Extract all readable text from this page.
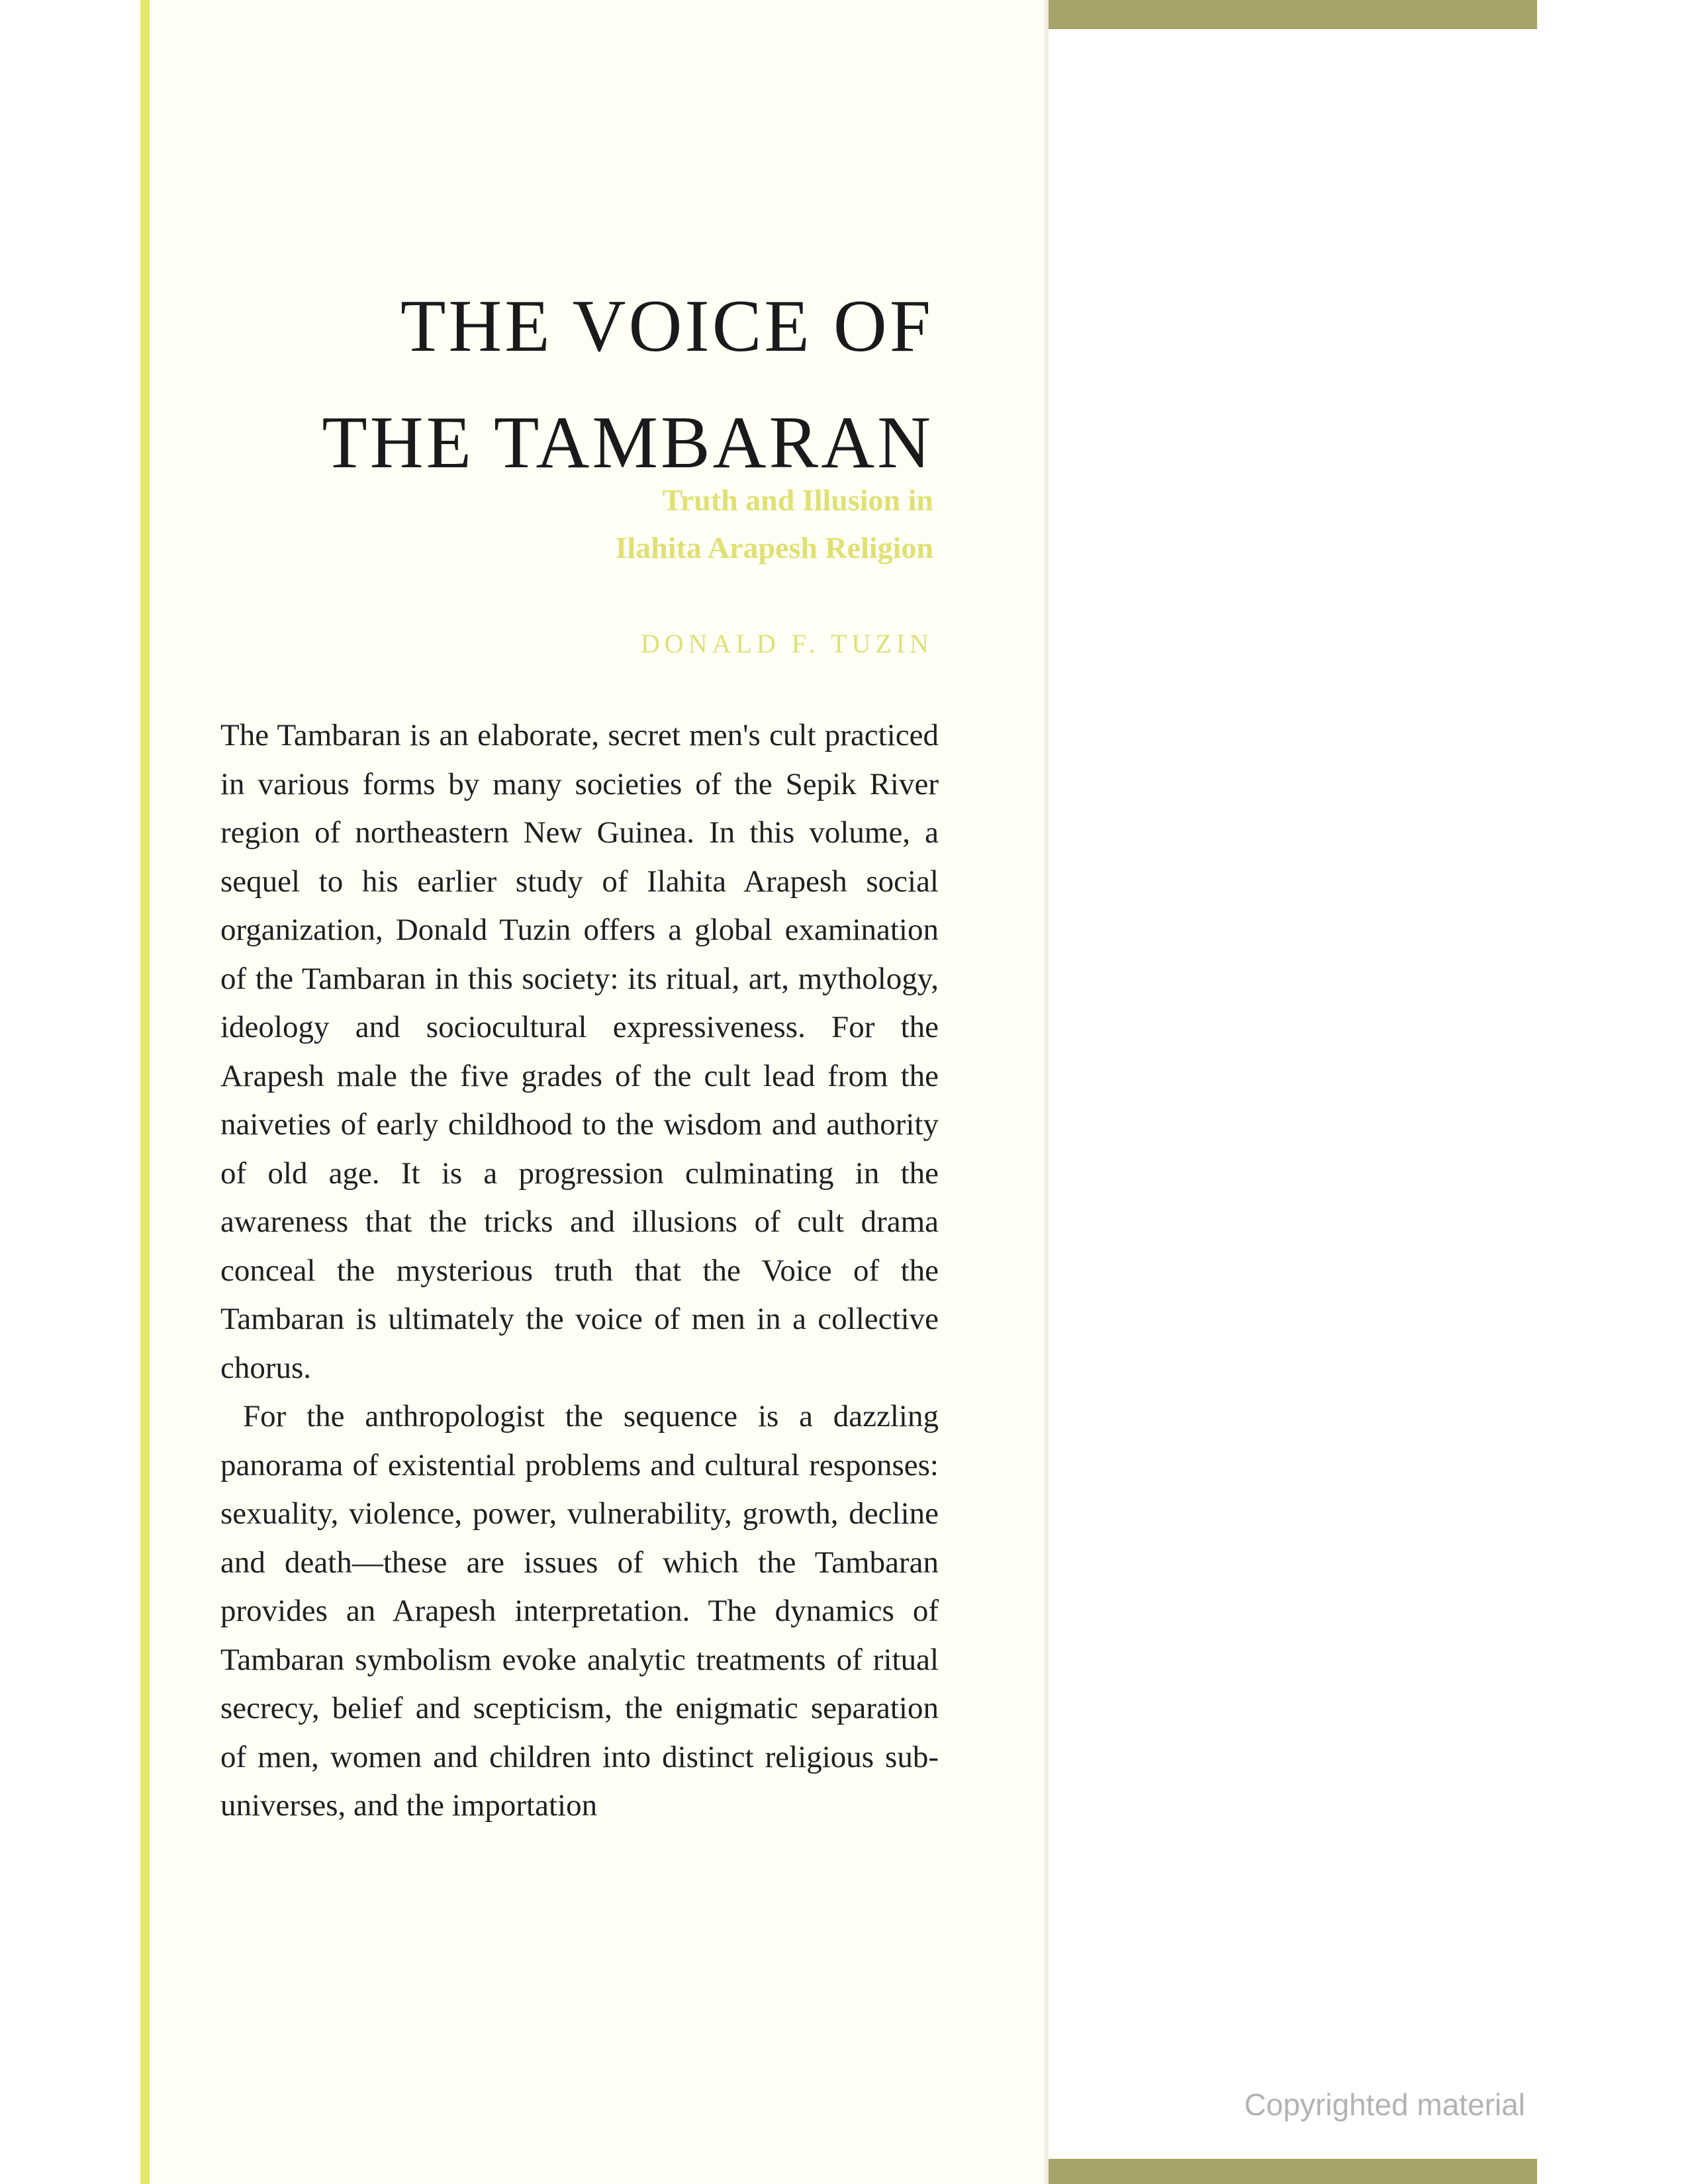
THE VOICE OF
THE TAMBARAN
Truth and Illusion in
Ilahita Arapesh Religion
DONALD F. TUZIN

The Tambaran is an elaborate, secret men's cult practiced in various forms by many societies of the Sepik River region of northeastern New Guinea. In this volume, a sequel to his earlier study of Ilahita Arapesh social organization, Donald Tuzin offers a global examination of the Tambaran in this society: its ritual, art, mythology, ideology and sociocultural expressiveness. For the Arapesh male the five grades of the cult lead from the naiveties of early childhood to the wisdom and authority of old age. It is a progression culminating in the awareness that the tricks and illusions of cult drama conceal the mysterious truth that the Voice of the Tambaran is ultimately the voice of men in a collective chorus.

For the anthropologist the sequence is a dazzling panorama of existential problems and cultural responses: sexuality, violence, power, vulnerability, growth, decline and death—these are issues of which the Tambaran provides an Arapesh interpretation. The dynamics of Tambaran symbolism evoke analytic treatments of ritual secrecy, belief and scepticism, the enigmatic separation of men, women and children into distinct religious sub-universes, and the importation

Copyrighted material
